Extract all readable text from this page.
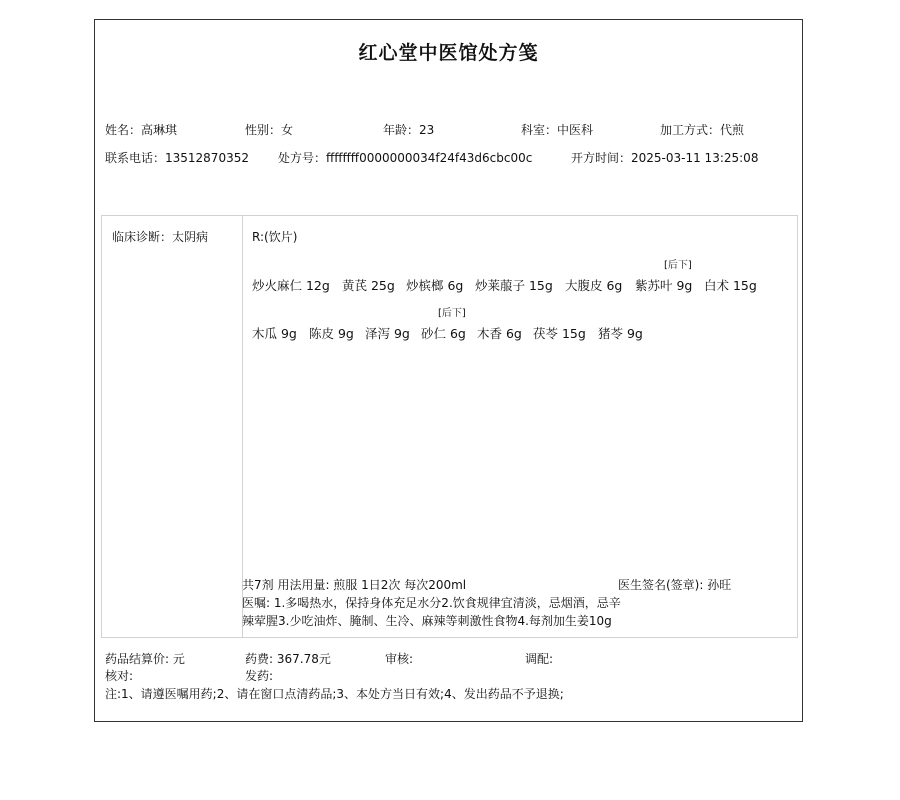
红心堂中医馆处方笺
姓名：高琳琪	性别：女	年龄：23	科室：中医科	加工方式：代煎
联系电话：13512870352 处方号：ffffffff0000000034f24f43d6cbc00c	开方时间：2025-03-11 13:25:08
临床诊断：太阴病	R:(饮片)
炒火麻仁 12g 黄芪 25g 炒槟榔 6g 炒莱菔子 15g 大腹皮 6g
[后下]
紫苏叶 9g 白术 15g
木瓜 9g 陈皮 9g 泽泻 9g
[后下]
砂仁 6g 木香 6g 茯苓 15g 猪苓 9g
共7剂 用法用量: 煎服 1日2次 每次200ml	医生签名(签章): 孙旺
医嘱: 1.多喝热水，保持身体充足水分2.饮食规律宜清淡，忌烟酒，忌辛辣荤腥3.少吃油炸、腌制、生冷、麻辣等刺激性食物4.每剂加生姜10g
药品结算价: 元	药费: 367.78元	审核:	调配:
核对:	发药:
注:1、请遵医嘱用药;2、请在窗口点清药品;3、本处方当日有效;4、发出药品不予退换;
